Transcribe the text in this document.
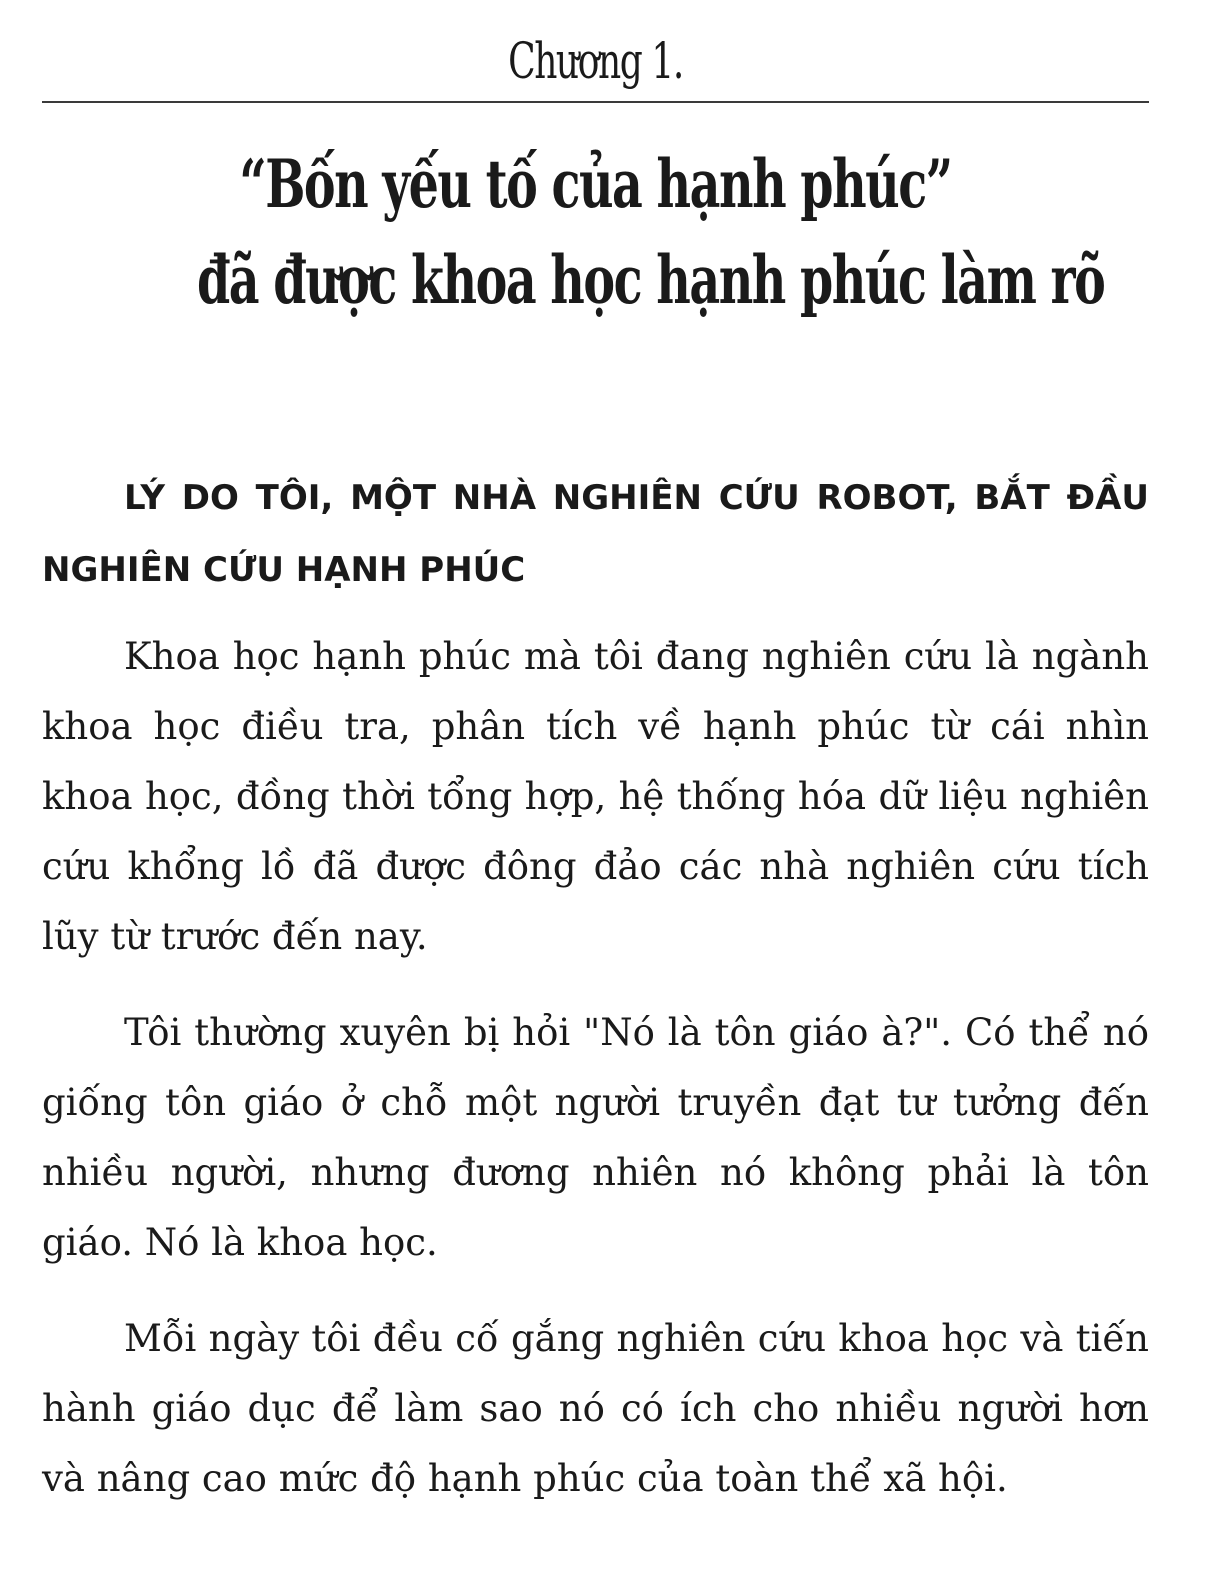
Chương 1.
“Bốn yếu tố của hạnh phúc”
đã được khoa học hạnh phúc làm rõ
LÝ DO TÔI, MỘT NHÀ NGHIÊN CỨU ROBOT, BẮT ĐẦU NGHIÊN CỨU HẠNH PHÚC

Khoa học hạnh phúc mà tôi đang nghiên cứu là ngành khoa học điều tra, phân tích về hạnh phúc từ cái nhìn khoa học, đồng thời tổng hợp, hệ thống hóa dữ liệu nghiên cứu khổng lồ đã được đông đảo các nhà nghiên cứu tích lũy từ trước đến nay.

Tôi thường xuyên bị hỏi "Nó là tôn giáo à?". Có thể nó giống tôn giáo ở chỗ một người truyền đạt tư tưởng đến nhiều người, nhưng đương nhiên nó không phải là tôn giáo. Nó là khoa học.

Mỗi ngày tôi đều cố gắng nghiên cứu khoa học và tiến hành giáo dục để làm sao nó có ích cho nhiều người hơn và nâng cao mức độ hạnh phúc của toàn thể xã hội.
